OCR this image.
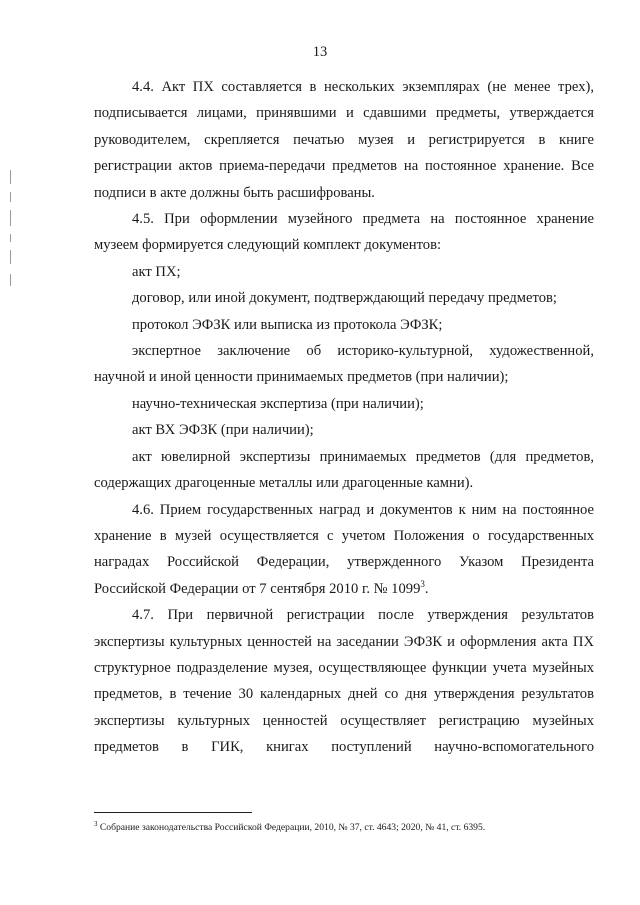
13

4.4. Акт ПХ составляется в нескольких экземплярах (не менее трех), подписывается лицами, принявшими и сдавшими предметы, утверждается руководителем, скрепляется печатью музея и регистрируется в книге регистрации актов приема-передачи предметов на постоянное хранение. Все подписи в акте должны быть расшифрованы.

4.5. При оформлении музейного предмета на постоянное хранение музеем формируется следующий комплект документов:

акт ПХ;

договор, или иной документ, подтверждающий передачу предметов;

протокол ЭФЗК или выписка из протокола ЭФЗК;

экспертное заключение об историко-культурной, художественной, научной и иной ценности принимаемых предметов (при наличии);

научно-техническая экспертиза (при наличии);

акт ВХ ЭФЗК (при наличии);

акт ювелирной экспертизы принимаемых предметов (для предметов, содержащих драгоценные металлы или драгоценные камни).

4.6. Прием государственных наград и документов к ним на постоянное хранение в музей осуществляется с учетом Положения о государственных наградах Российской Федерации, утвержденного Указом Президента Российской Федерации от 7 сентября 2010 г. № 1099$^3$.

4.7. При первичной регистрации после утверждения результатов экспертизы культурных ценностей на заседании ЭФЗК и оформления акта ПХ структурное подразделение музея, осуществляющее функции учета музейных предметов, в течение 30 календарных дней со дня утверждения результатов экспертизы культурных ценностей осуществляет регистрацию музейных предметов в ГИК, книгах поступлений научно-вспомогательного

$^3$ Собрание законодательства Российской Федерации, 2010, № 37, ст. 4643; 2020, № 41, ст. 6395.
